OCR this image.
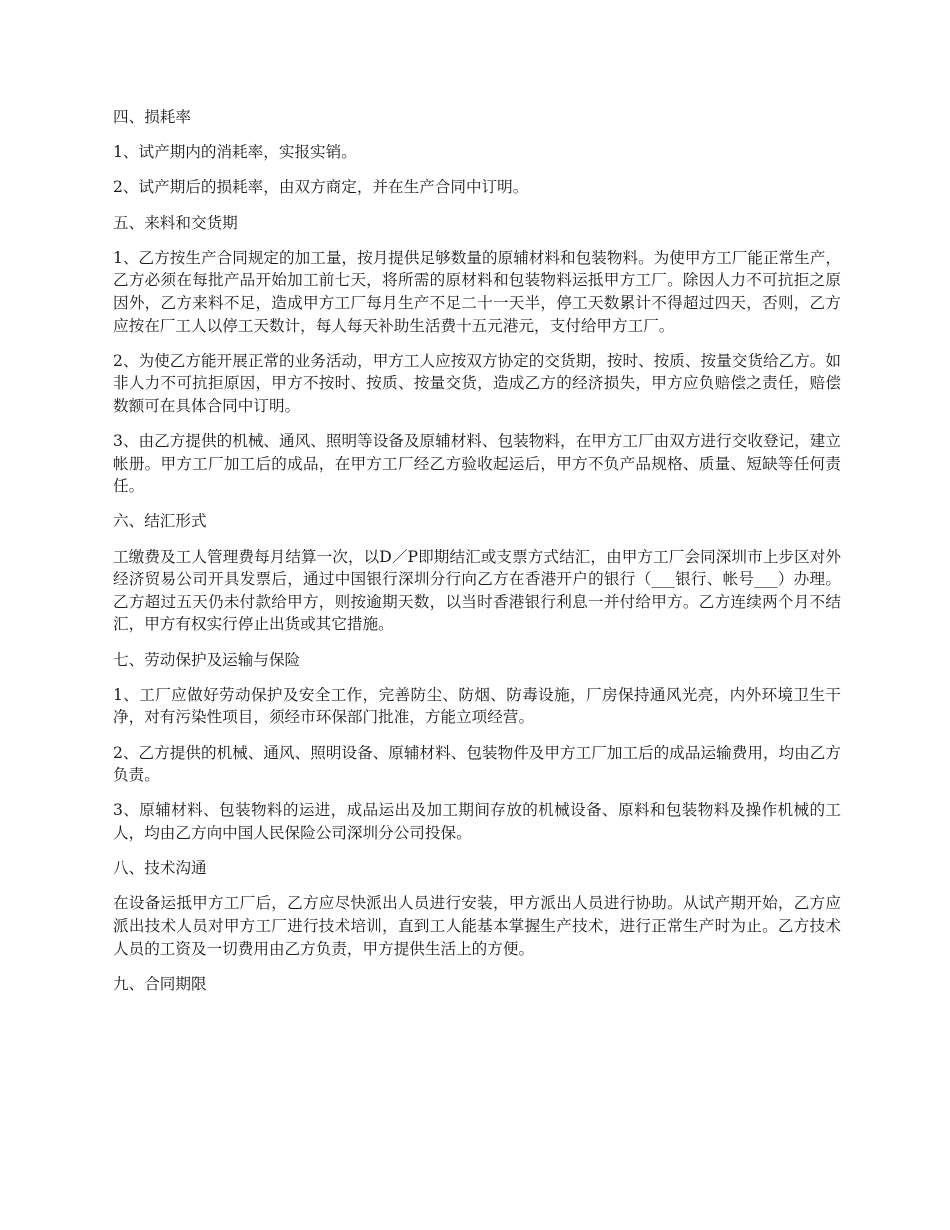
四、损耗率
1、试产期内的消耗率，实报实销。
2、试产期后的损耗率，由双方商定，并在生产合同中订明。
五、来料和交货期
1、乙方按生产合同规定的加工量，按月提供足够数量的原辅材料和包装物料。为使甲方工厂能正常生产，乙方必须在每批产品开始加工前七天，将所需的原材料和包装物料运抵甲方工厂。除因人力不可抗拒之原因外，乙方来料不足，造成甲方工厂每月生产不足二十一天半，停工天数累计不得超过四天，否则，乙方应按在厂工人以停工天数计，每人每天补助生活费十五元港元，支付给甲方工厂。
2、为使乙方能开展正常的业务活动，甲方工人应按双方协定的交货期，按时、按质、按量交货给乙方。如非人力不可抗拒原因，甲方不按时、按质、按量交货，造成乙方的经济损失，甲方应负赔偿之责任，赔偿数额可在具体合同中订明。
3、由乙方提供的机械、通风、照明等设备及原辅材料、包装物料，在甲方工厂由双方进行交收登记，建立帐册。甲方工厂加工后的成品，在甲方工厂经乙方验收起运后，甲方不负产品规格、质量、短缺等任何责任。
六、结汇形式
工缴费及工人管理费每月结算一次，以D／P即期结汇或支票方式结汇，由甲方工厂会同深圳市上步区对外经济贸易公司开具发票后，通过中国银行深圳分行向乙方在香港开户的银行（___银行、帐号___）办理。乙方超过五天仍未付款给甲方，则按逾期天数，以当时香港银行利息一并付给甲方。乙方连续两个月不结汇，甲方有权实行停止出货或其它措施。
七、劳动保护及运输与保险
1、工厂应做好劳动保护及安全工作，完善防尘、防烟、防毒设施，厂房保持通风光亮，内外环境卫生干净，对有污染性项目，须经市环保部门批准，方能立项经营。
2、乙方提供的机械、通风、照明设备、原辅材料、包装物件及甲方工厂加工后的成品运输费用，均由乙方负责。
3、原辅材料、包装物料的运进，成品运出及加工期间存放的机械设备、原料和包装物料及操作机械的工人，均由乙方向中国人民保险公司深圳分公司投保。
八、技术沟通
在设备运抵甲方工厂后，乙方应尽快派出人员进行安装，甲方派出人员进行协助。从试产期开始，乙方应派出技术人员对甲方工厂进行技术培训，直到工人能基本掌握生产技术，进行正常生产时为止。乙方技术人员的工资及一切费用由乙方负责，甲方提供生活上的方便。
九、合同期限
